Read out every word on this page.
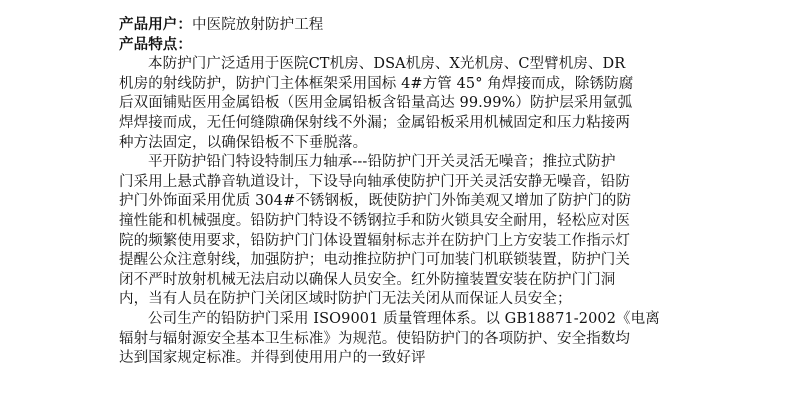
产品用户：中医院放射防护工程
产品特点：
本防护门广泛适用于医院CT机房、DSA机房、X光机房、C型臂机房、DR
机房的射线防护，防护门主体框架采用国标 4#方管 45° 角焊接而成，除锈防腐
后双面铺贴医用金属铅板（医用金属铅板含铅量高达 99.99%）防护层采用氩弧
焊焊接而成，无任何缝隙确保射线不外漏；金属铅板采用机械固定和压力粘接两
种方法固定，以确保铅板不下垂脱落。
平开防护铅门特设特制压力轴承---铅防护门开关灵活无噪音；推拉式防护
门采用上悬式静音轨道设计，下设导向轴承使防护门开关灵活安静无噪音，铅防
护门外饰面采用优质 304#不锈钢板，既使防护门外饰美观又增加了防护门的防
撞性能和机械强度。铅防护门特设不锈钢拉手和防火锁具安全耐用，轻松应对医
院的频繁使用要求，铅防护门门体设置辐射标志并在防护门上方安装工作指示灯
提醒公众注意射线，加强防护；电动推拉防护门可加装门机联锁装置，防护门关
闭不严时放射机械无法启动以确保人员安全。红外防撞装置安装在防护门门洞
内，当有人员在防护门关闭区域时防护门无法关闭从而保证人员安全；
公司生产的铅防护门采用 ISO9001 质量管理体系。以 GB18871-2002《电离
辐射与辐射源安全基本卫生标准》为规范。使铅防护门的各项防护、安全指数均
达到国家规定标准。并得到使用用户的一致好评
